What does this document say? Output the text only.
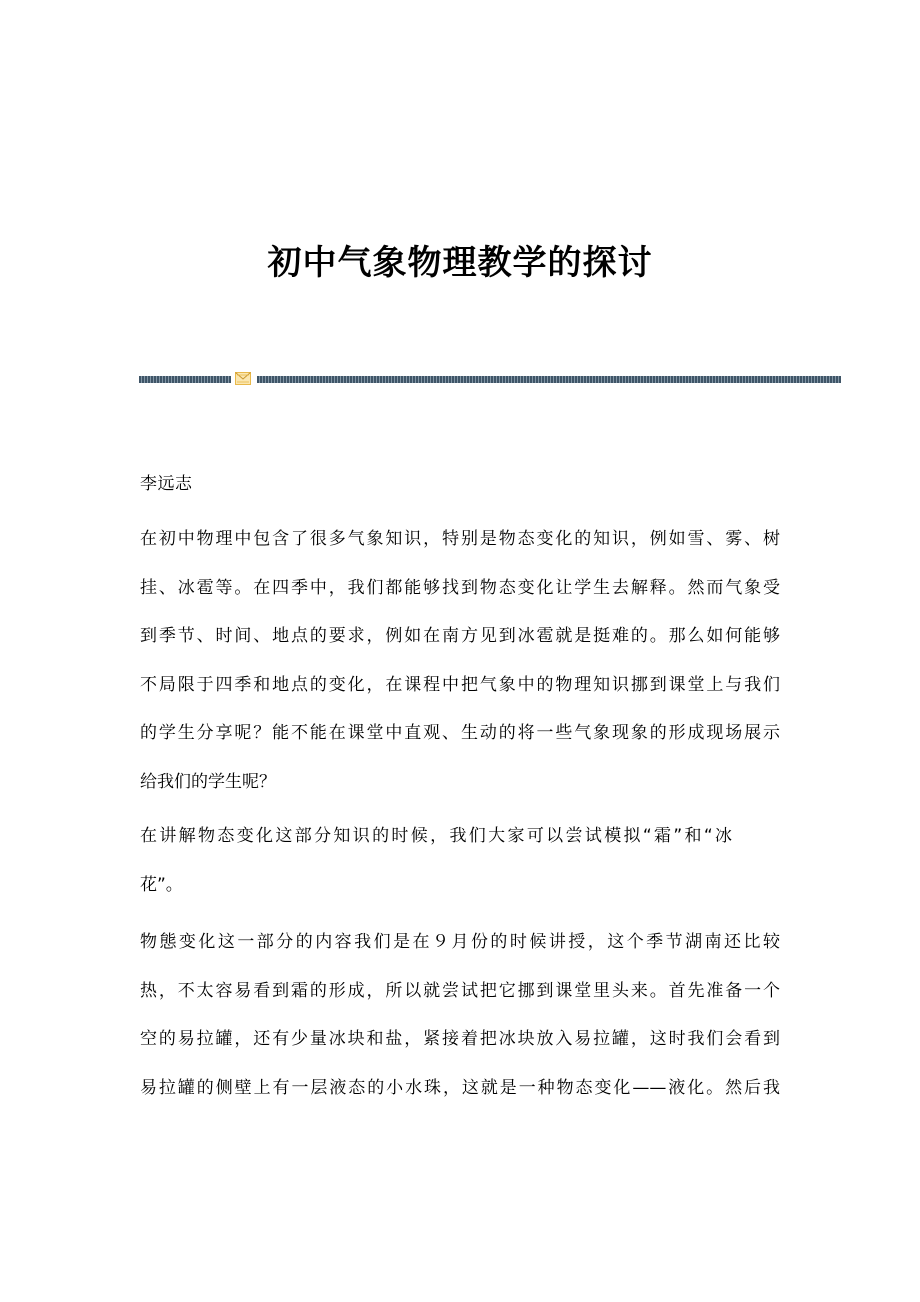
初中气象物理教学的探讨
李远志
在初中物理中包含了很多气象知识，特别是物态变化的知识，例如雪、雾、树
挂、冰雹等。在四季中，我们都能够找到物态变化让学生去解释。然而气象受
到季节、时间、地点的要求，例如在南方见到冰雹就是挺难的。那么如何能够
不局限于四季和地点的变化，在课程中把气象中的物理知识挪到课堂上与我们
的学生分享呢？能不能在课堂中直观、生动的将一些气象现象的形成现场展示
给我们的学生呢？
在讲解物态变化这部分知识的时候，我们大家可以尝试模拟“霜”和“冰
花”。
物態变化这一部分的内容我们是在９月份的时候讲授，这个季节湖南还比较
热，不太容易看到霜的形成，所以就尝试把它挪到课堂里头来。首先准备一个
空的易拉罐，还有少量冰块和盐，紧接着把冰块放入易拉罐，这时我们会看到
易拉罐的侧壁上有一层液态的小水珠，这就是一种物态变化——液化。然后我
